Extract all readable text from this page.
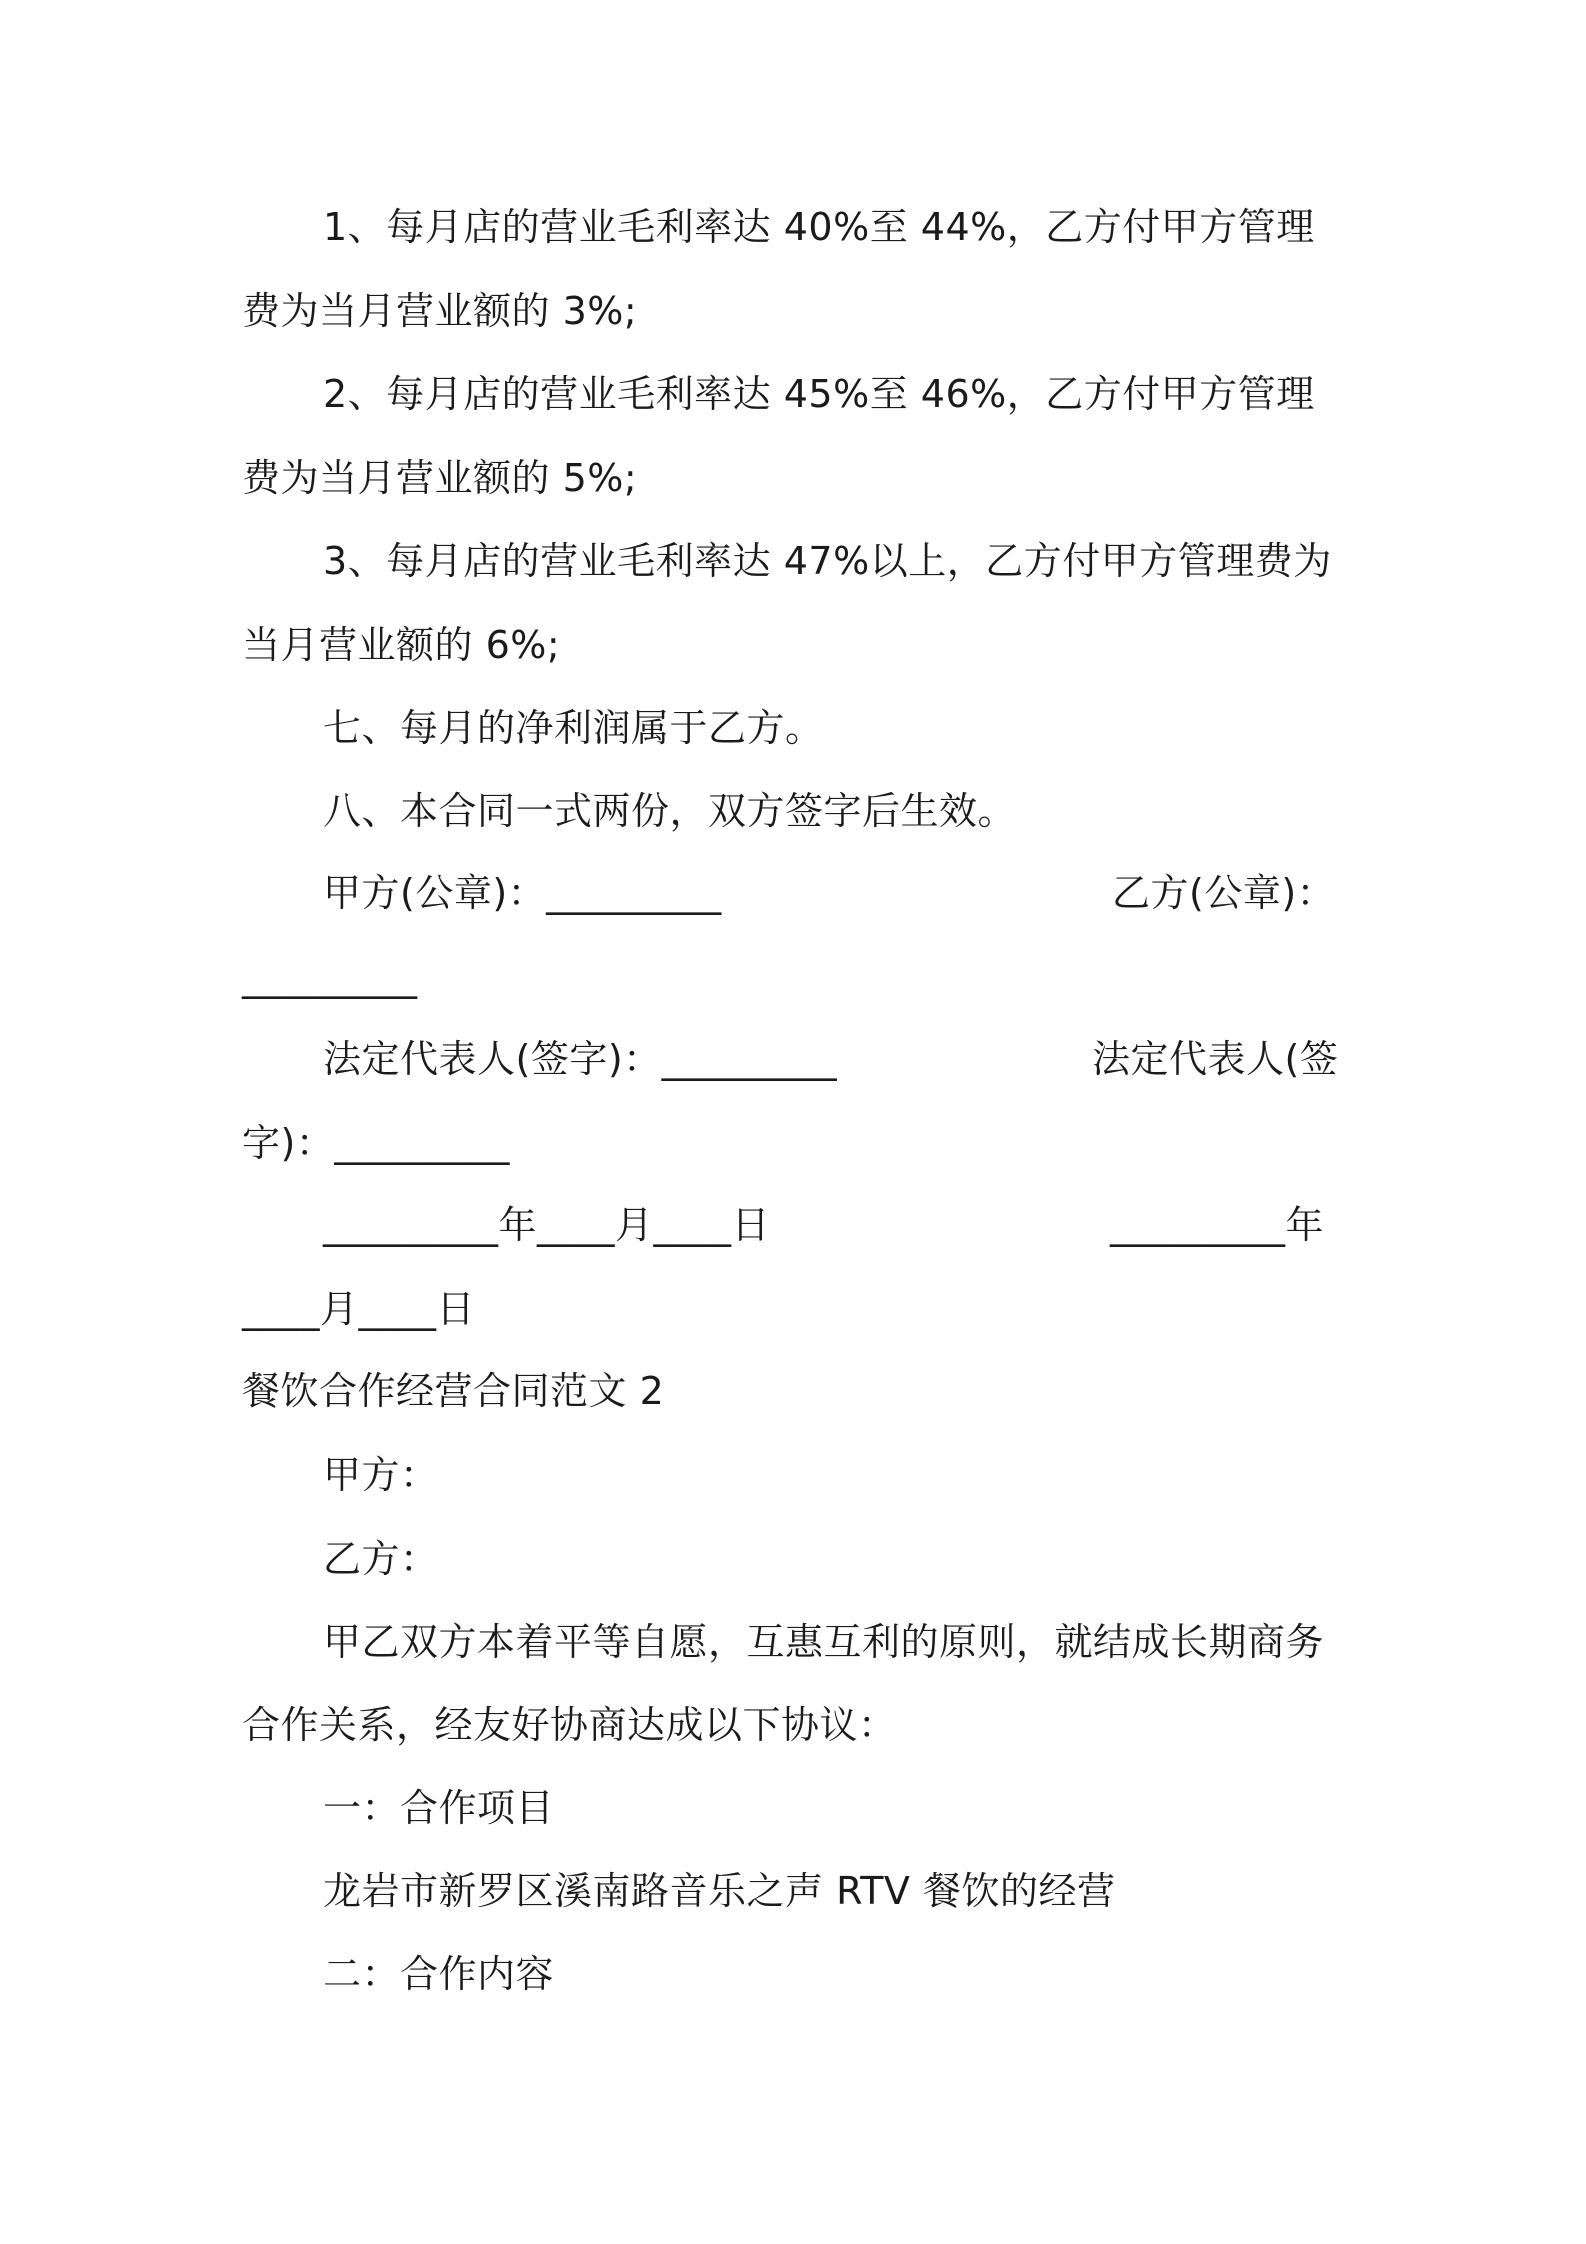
1、每月店的营业毛利率达 40%至 44%，乙方付甲方管理
费为当月营业额的 3%;
2、每月店的营业毛利率达 45%至 46%，乙方付甲方管理
费为当月营业额的 5%;
3、每月店的营业毛利率达 47%以上，乙方付甲方管理费为
当月营业额的 6%;
七、每月的净利润属于乙方。
八、本合同一式两份，双方签字后生效。
甲方(公章)：_________	乙方(公章)：
_________
法定代表人(签字)：_________	法定代表人(签
字)：_________
_________年____月____日	_________年
____月____日
餐饮合作经营合同范文 2
甲方：
乙方：
甲乙双方本着平等自愿，互惠互利的原则，就结成长期商务
合作关系，经友好协商达成以下协议：
一：合作项目
龙岩市新罗区溪南路音乐之声 RTV 餐饮的经营
二：合作内容
